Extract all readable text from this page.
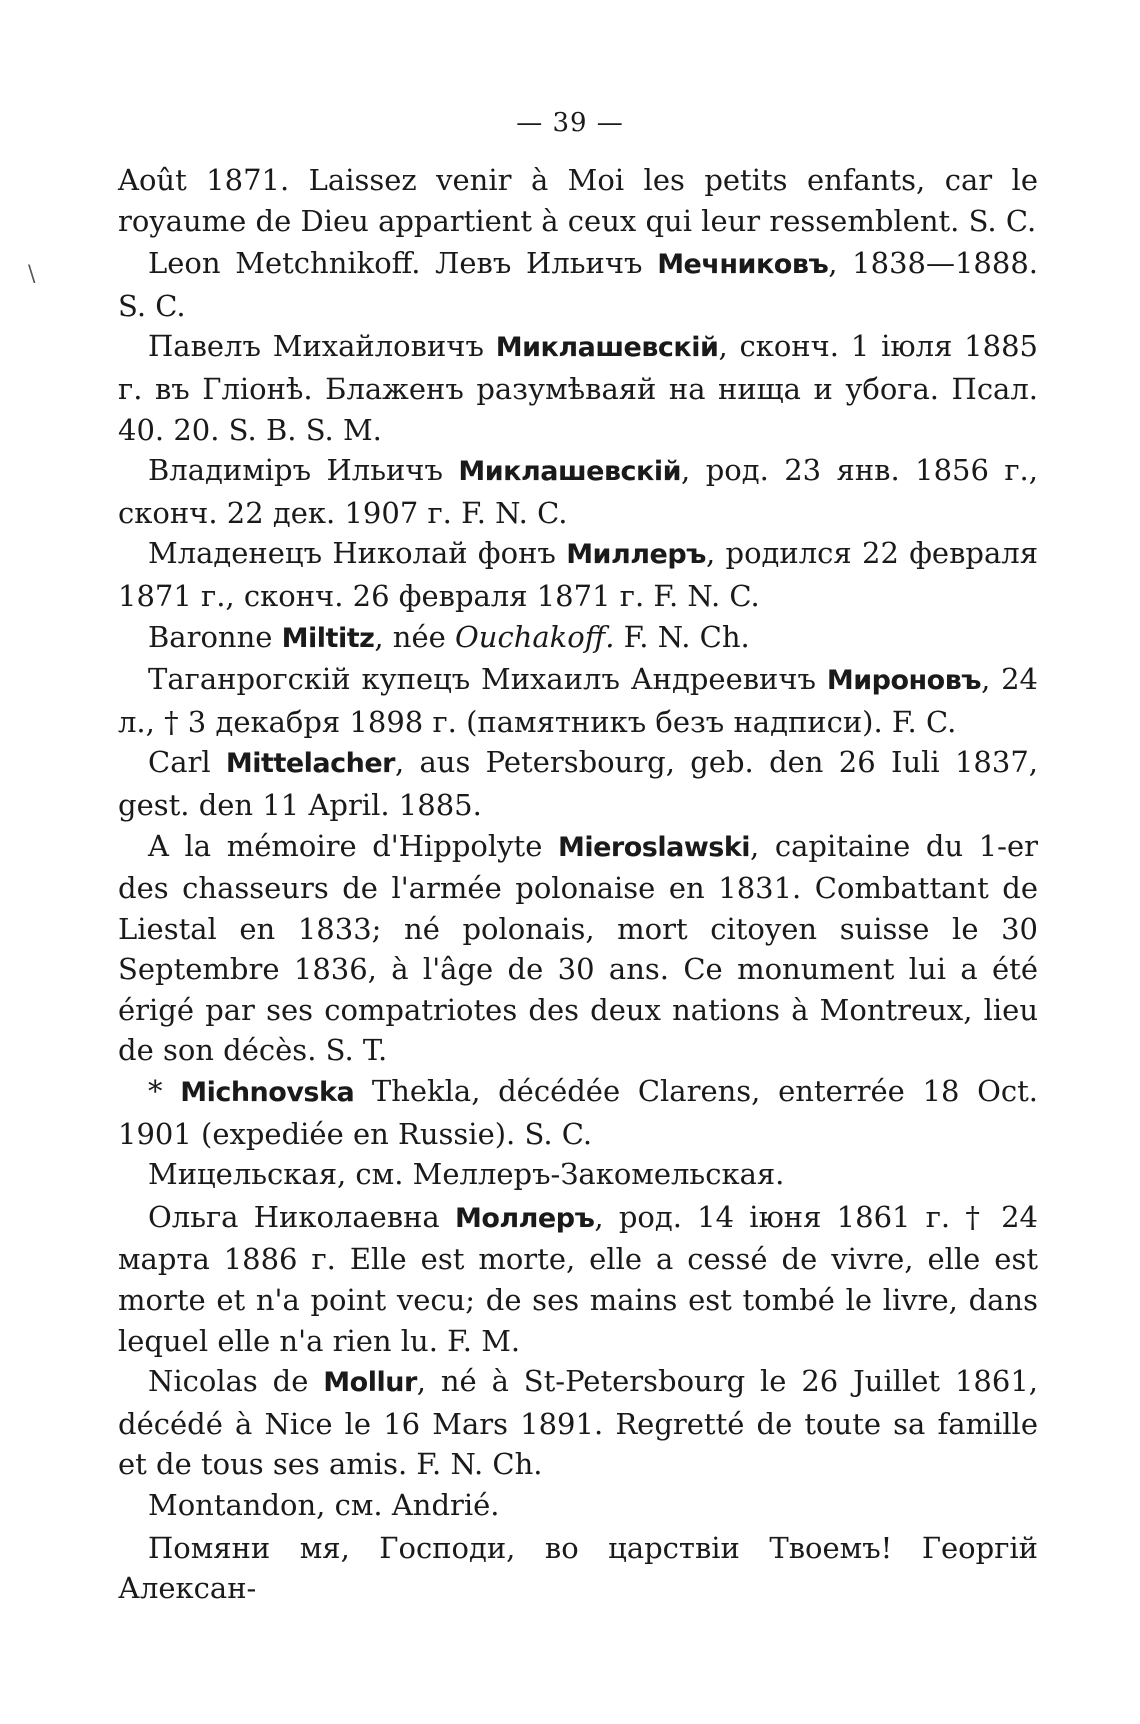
— 39 —
\

Août 1871. Laissez venir à Moi les petits enfants, car le royaume de Dieu appartient à ceux qui leur ressemblent. S. C.

Leon Metchnikoff. Левъ Ильичъ Мечниковъ, 1838—1888. S. C.

Павелъ Михайловичъ Миклашевскій, сконч. 1 іюля 1885 г. въ Гліонѣ. Блаженъ разумѣваяй на нища и убога. Псал. 40. 20. S. B. S. M.

Владиміръ Ильичъ Миклашевскій, род. 23 янв. 1856 г., сконч. 22 дек. 1907 г. F. N. C.

Младенецъ Николай фонъ Миллеръ, родился 22 февраля 1871 г., сконч. 26 февраля 1871 г. F. N. C.

Baronne Miltitz, née Ouchakoff. F. N. Ch.

Таганрогскій купецъ Михаилъ Андреевичъ Мироновъ, 24 л., † 3 декабря 1898 г. (памятникъ безъ надписи). F. C.

Carl Mittelacher, aus Petersbourg, geb. den 26 Iuli 1837, gest. den 11 April. 1885.

A la mémoire d'Hippolyte Mieroslawski, capitaine du 1-er des chasseurs de l'armée polonaise en 1831. Combattant de Liestal en 1833; né polonais, mort citoyen suisse le 30 Septembre 1836, à l'âge de 30 ans. Ce monument lui a été érigé par ses compatriotes des deux nations à Montreux, lieu de son décès. S. T.

* Michnovska Thekla, décédée Clarens, enterrée 18 Oct. 1901 (expediée en Russie). S. C.

Мицельская, см. Меллеръ-Закомельская.

Ольга Николаевна Моллеръ, род. 14 іюня 1861 г. † 24 марта 1886 г. Elle est morte, elle a cessé de vivre, elle est morte et n'a point vecu; de ses mains est tombé le livre, dans lequel elle n'a rien lu. F. M.

Nicolas de Mollur, né à St-Petersbourg le 26 Juillet 1861, décédé à Nice le 16 Mars 1891. Regretté de toute sa famille et de tous ses amis. F. N. Ch.

Montandon, см. Andrié.

Помяни мя, Господи, во царствіи Твоемъ! Георгій Алексан-
